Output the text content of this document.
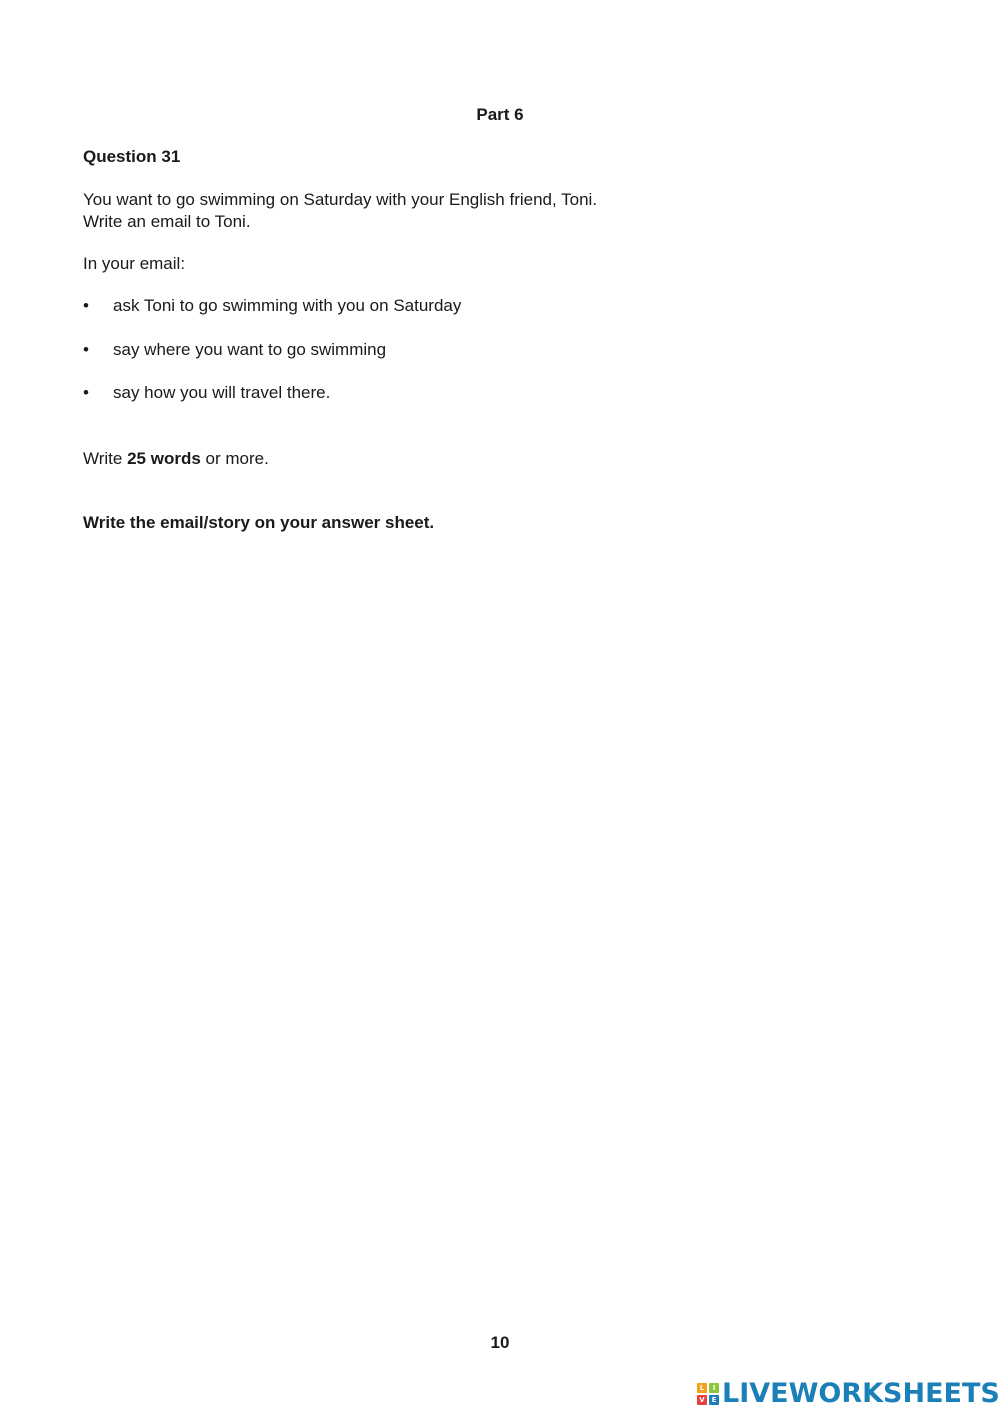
Part 6
Question 31
You want to go swimming on Saturday with your English friend, Toni.
Write an email to Toni.
In your email:
•	ask Toni to go swimming with you on Saturday
•	say where you want to go swimming
•	say how you will travel there.
Write 25 words or more.
Write the email/story on your answer sheet.
10
L	I
V E LIVEWORKSHEETS
